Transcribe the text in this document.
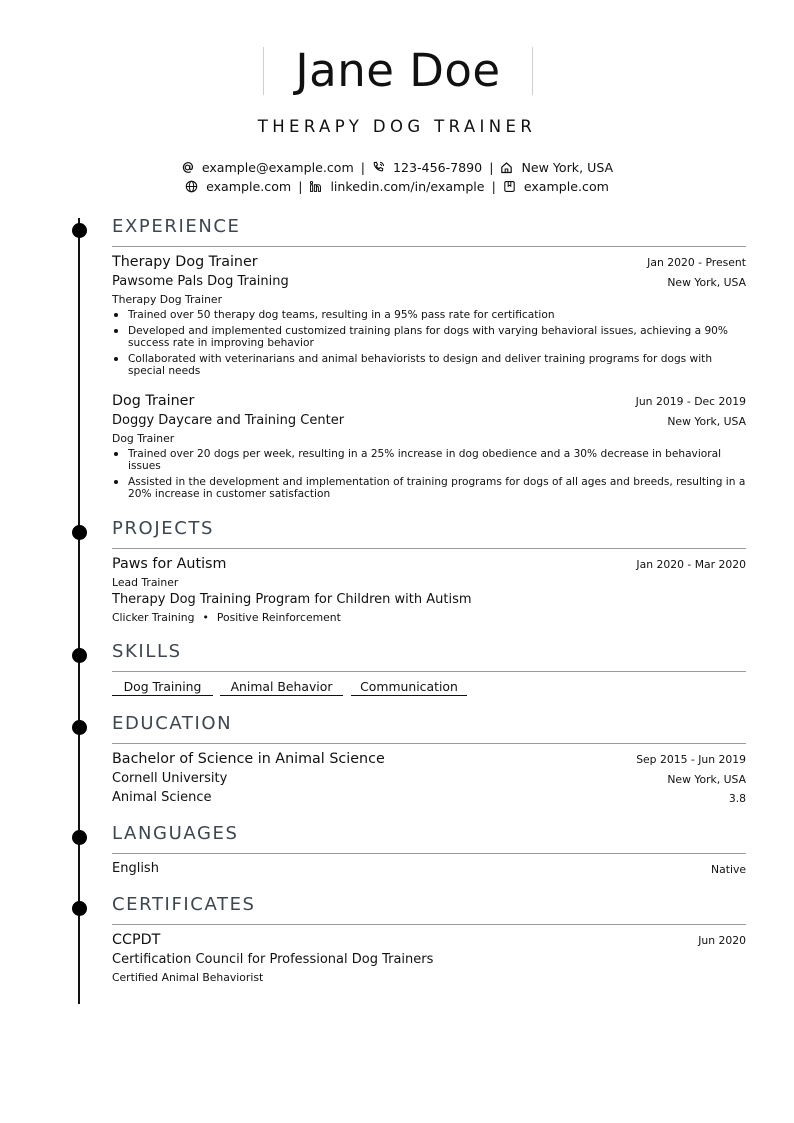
Jane Doe
THERAPY DOG TRAINER
example@example.com | 123-456-7890 | New York, USA
example.com | linkedin.com/in/example | example.com
EXPERIENCE
Therapy Dog Trainer	Jan 2020 - Present
Pawsome Pals Dog Training	New York, USA
Therapy Dog Trainer
Trained over 50 therapy dog teams, resulting in a 95% pass rate for certification
Developed and implemented customized training plans for dogs with varying behavioral issues, achieving a 90% success rate in improving behavior
Collaborated with veterinarians and animal behaviorists to design and deliver training programs for dogs with special needs
Dog Trainer	Jun 2019 - Dec 2019
Doggy Daycare and Training Center	New York, USA
Dog Trainer
Trained over 20 dogs per week, resulting in a 25% increase in dog obedience and a 30% decrease in behavioral issues
Assisted in the development and implementation of training programs for dogs of all ages and breeds, resulting in a 20% increase in customer satisfaction
PROJECTS
Paws for Autism	Jan 2020 - Mar 2020
Lead Trainer
Therapy Dog Training Program for Children with Autism
Clicker Training • Positive Reinforcement
SKILLS
Dog Training	Animal Behavior	Communication
EDUCATION
Bachelor of Science in Animal Science	Sep 2015 - Jun 2019
Cornell University	New York, USA
Animal Science	3.8
LANGUAGES
English	Native
CERTIFICATES
CCPDT	Jun 2020
Certification Council for Professional Dog Trainers
Certified Animal Behaviorist
